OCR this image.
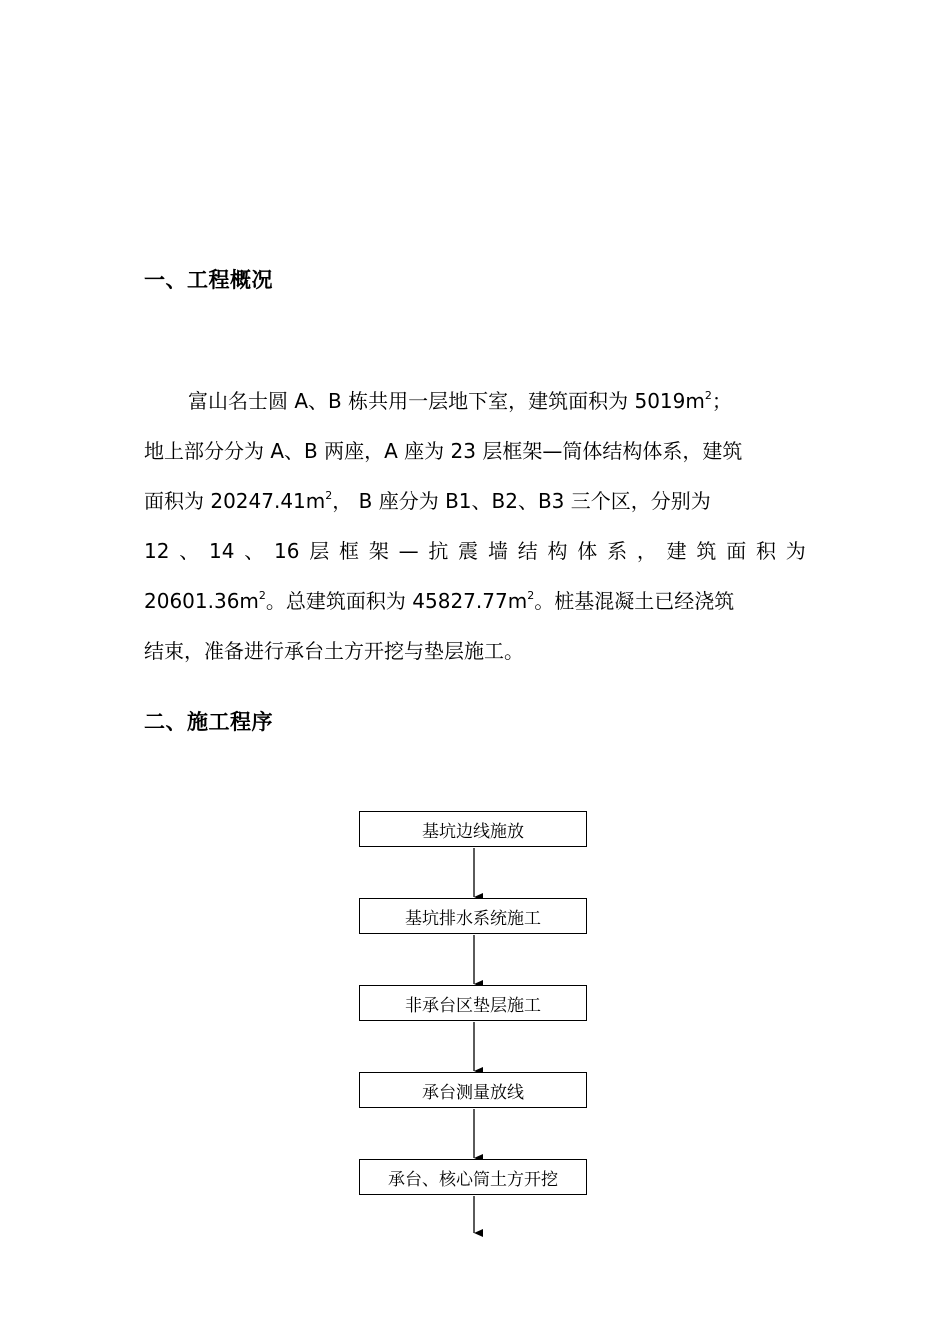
一、工程概况
富山名士圆 A、B 栋共用一层地下室，建筑面积为 $5019m^2$；
地上部分分为 A、B 两座，A 座为 23 层框架—筒体结构体系，建筑
面积为 $20247.41m^2$， B 座分为 B1、B2、B3 三个区，分别为
12 、 14 、 16 层 框 架 — 抗 震 墙 结 构 体 系 ， 建 筑 面 积 为
$20601.36m^2$。总建筑面积为 $45827.77m^2$。桩基混凝土已经浇筑
结束，准备进行承台土方开挖与垫层施工。
二、施工程序
基坑边线施放
基坑排水系统施工
非承台区垫层施工
承台测量放线
承台、核心筒土方开挖
